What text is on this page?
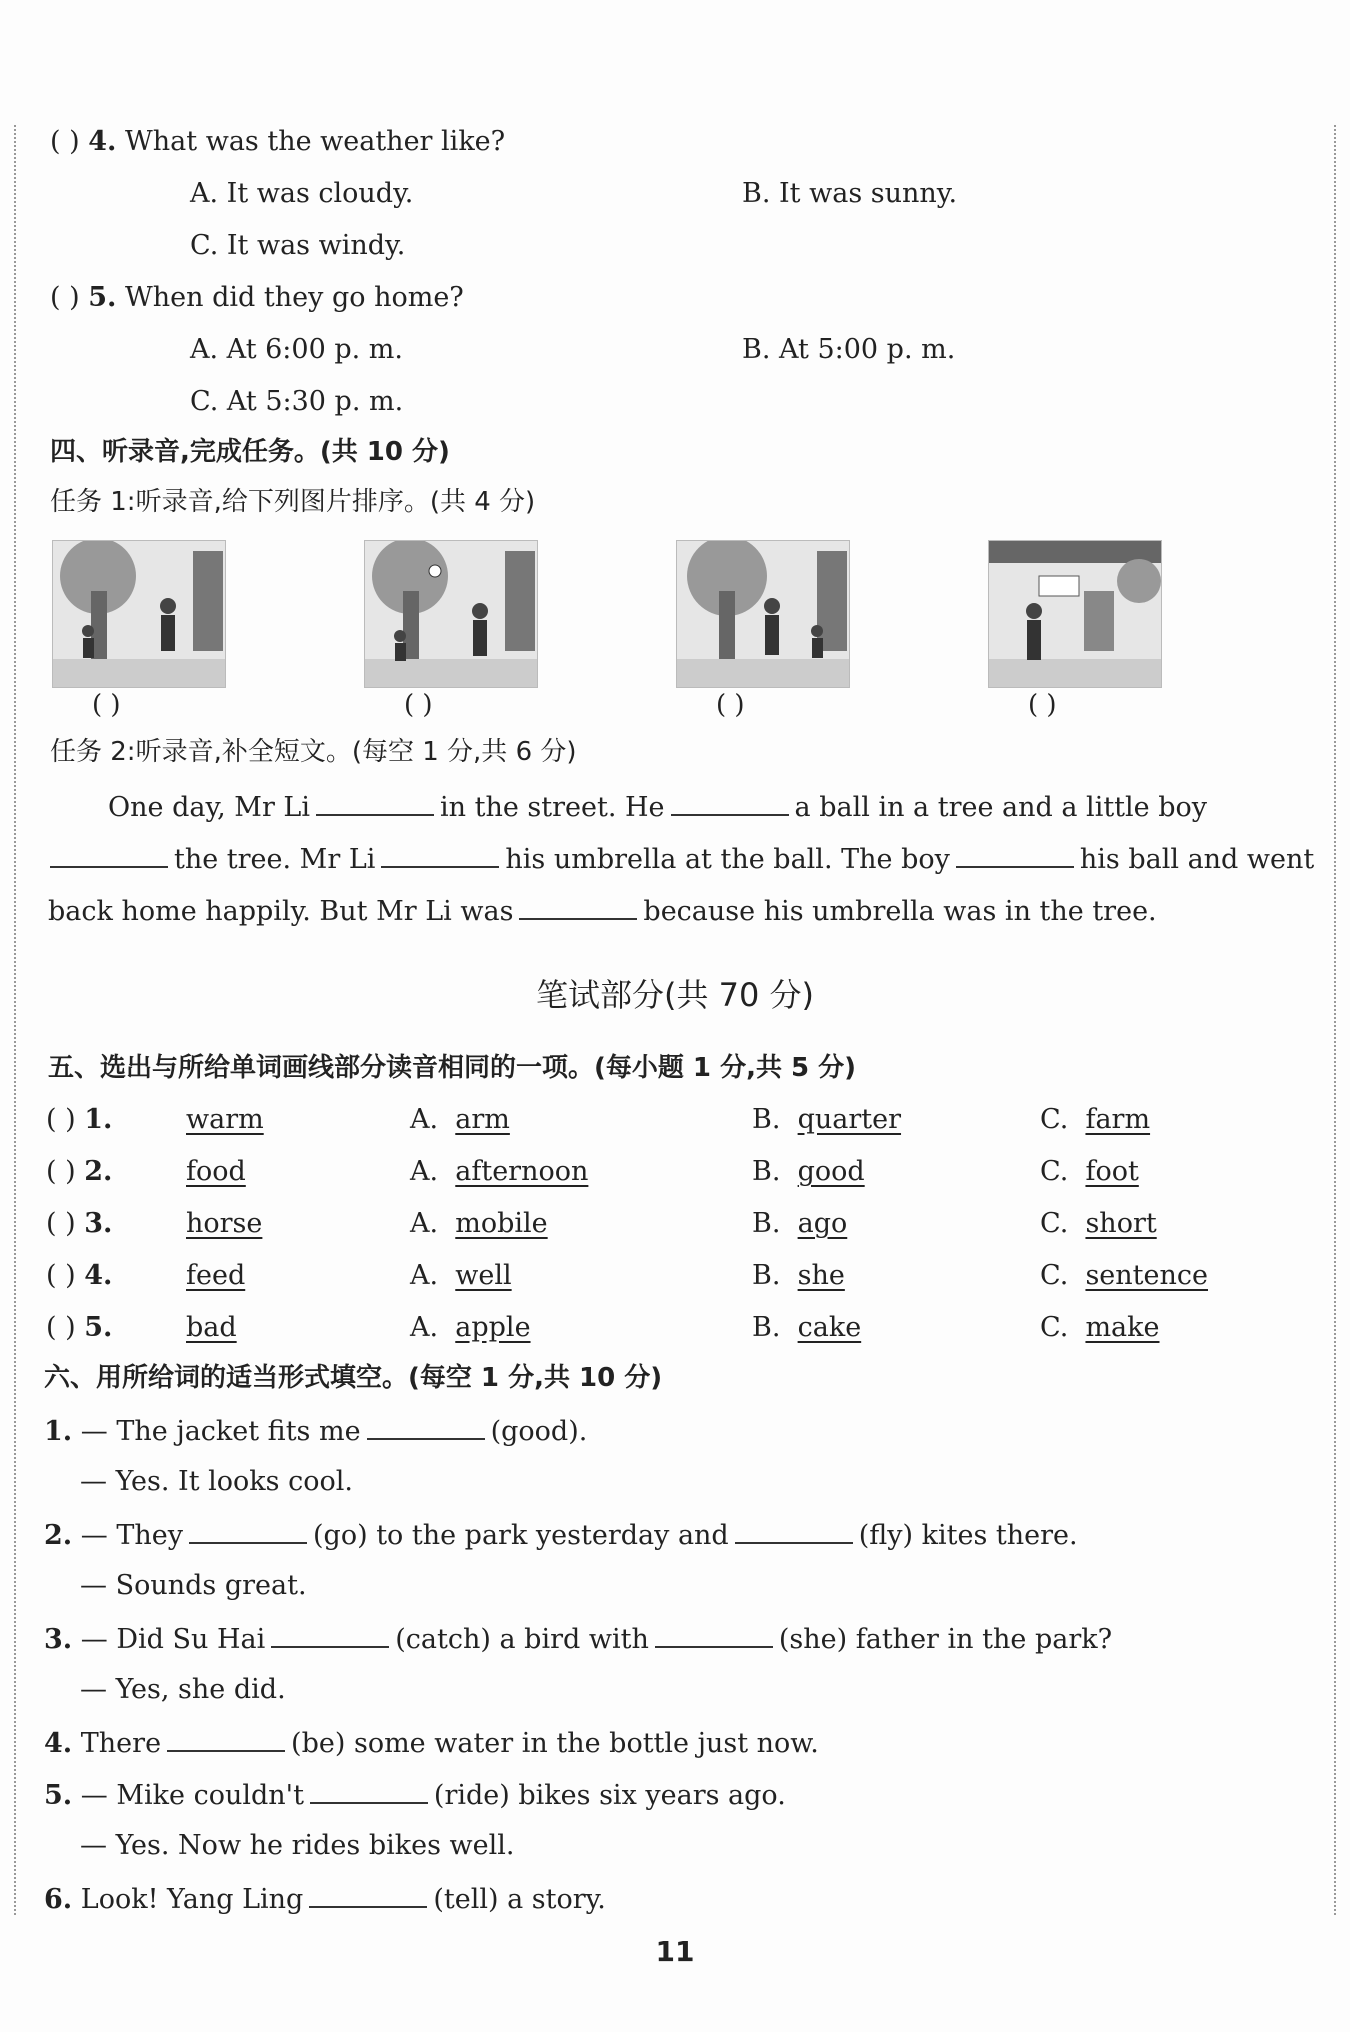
( ) 4. What was the weather like?
A. It was cloudy.	B. It was sunny.
C. It was windy.
( ) 5. When did they go home?
A. At 6:00 p. m.	B. At 5:00 p. m.
C. At 5:30 p. m.
四、听录音,完成任务。(共 10 分)
任务 1:听录音,给下列图片排序。(共 4 分)
( )	( )	( )	( )
任务 2:听录音,补全短文。(每空 1 分,共 6 分)
One day, Mr Li	in the street. He	a ball in a tree and a little boy
the tree. Mr Li	his umbrella at the ball. The boy	his ball and went
back home happily. But Mr Li was	because his umbrella was in the tree.
笔试部分(共 70 分)
五、选出与所给单词画线部分读音相同的一项。(每小题 1 分,共 5 分)
( ) 1.	warm	A. arm	B. quarter	C. farm
( ) 2.	food	A. afternoon	B. good	C. foot
( ) 3.	horse	A. mobile	B. ago	C. short
( ) 4.	feed	A. well	B. she	C. sentence
( ) 5.	bad	A. apple	B. cake	C. make
六、用所给词的适当形式填空。(每空 1 分,共 10 分)
1. — The jacket fits me	(good).
— Yes. It looks cool.
2. — They	(go) to the park yesterday and	(fly) kites there.
— Sounds great.
3. — Did Su Hai	(catch) a bird with	(she) father in the park?
— Yes, she did.
4. There	(be) some water in the bottle just now.
5. — Mike couldn't	(ride) bikes six years ago.
— Yes. Now he rides bikes well.
6. Look! Yang Ling	(tell) a story.
11
